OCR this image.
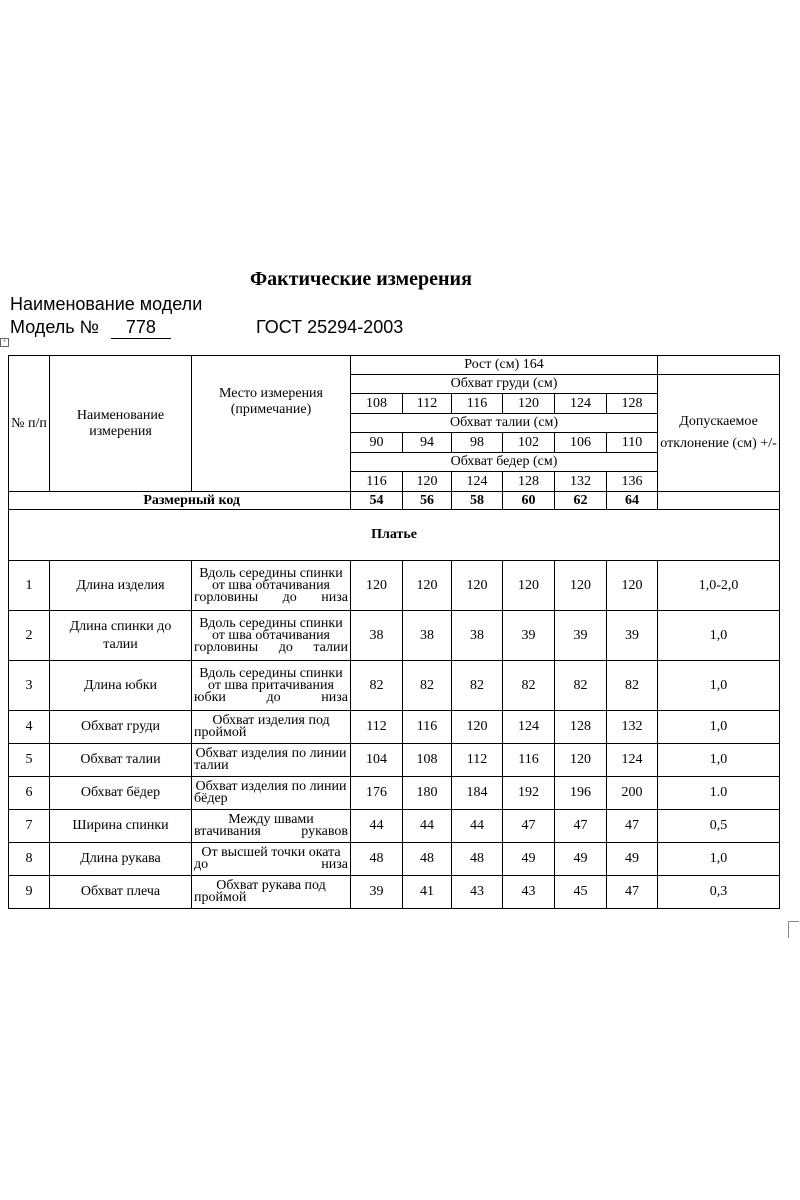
Фактические измерения
Наименование модели
Модель № 778	ГОСТ 25294-2003
+
№ п/п	Наименование измерения	Место измерения (примечание)	Рост (см) 164						
			Обхват груди (см)						Допускаемое отклонение (см) +/-
			108	112	116	120	124	128	
			Обхват талии (см)						
			90	94	98	102	106	110	
			Обхват бедер (см)						
			116	120	124	128	132	136	
Размерный код			54	56	58	60	62	64	
Платье									
1	Длина изделия	Вдоль середины спинки от шва обтачивания горловины до низа	120	120	120	120	120	120	1,0-2,0
2	Длина спинки до талии	Вдоль середины спинки от шва обтачивания горловины до талии	38	38	38	39	39	39	1,0
3	Длина юбки	Вдоль середины спинки от шва притачивания юбки до низа	82	82	82	82	82	82	1,0
4	Обхват груди	Обхват изделия под проймой	112	116	120	124	128	132	1,0
5	Обхват талии	Обхват изделия по линии талии	104	108	112	116	120	124	1,0
6	Обхват бёдер	Обхват изделия по линии бёдер	176	180	184	192	196	200	1.0
7	Ширина спинки	Между швами втачивания рукавов	44	44	44	47	47	47	0,5
8	Длина рукава	От высшей точки оката до низа	48	48	48	49	49	49	1,0
9	Обхват плеча	Обхват рукава под проймой	39	41	43	43	45	47	0,3
